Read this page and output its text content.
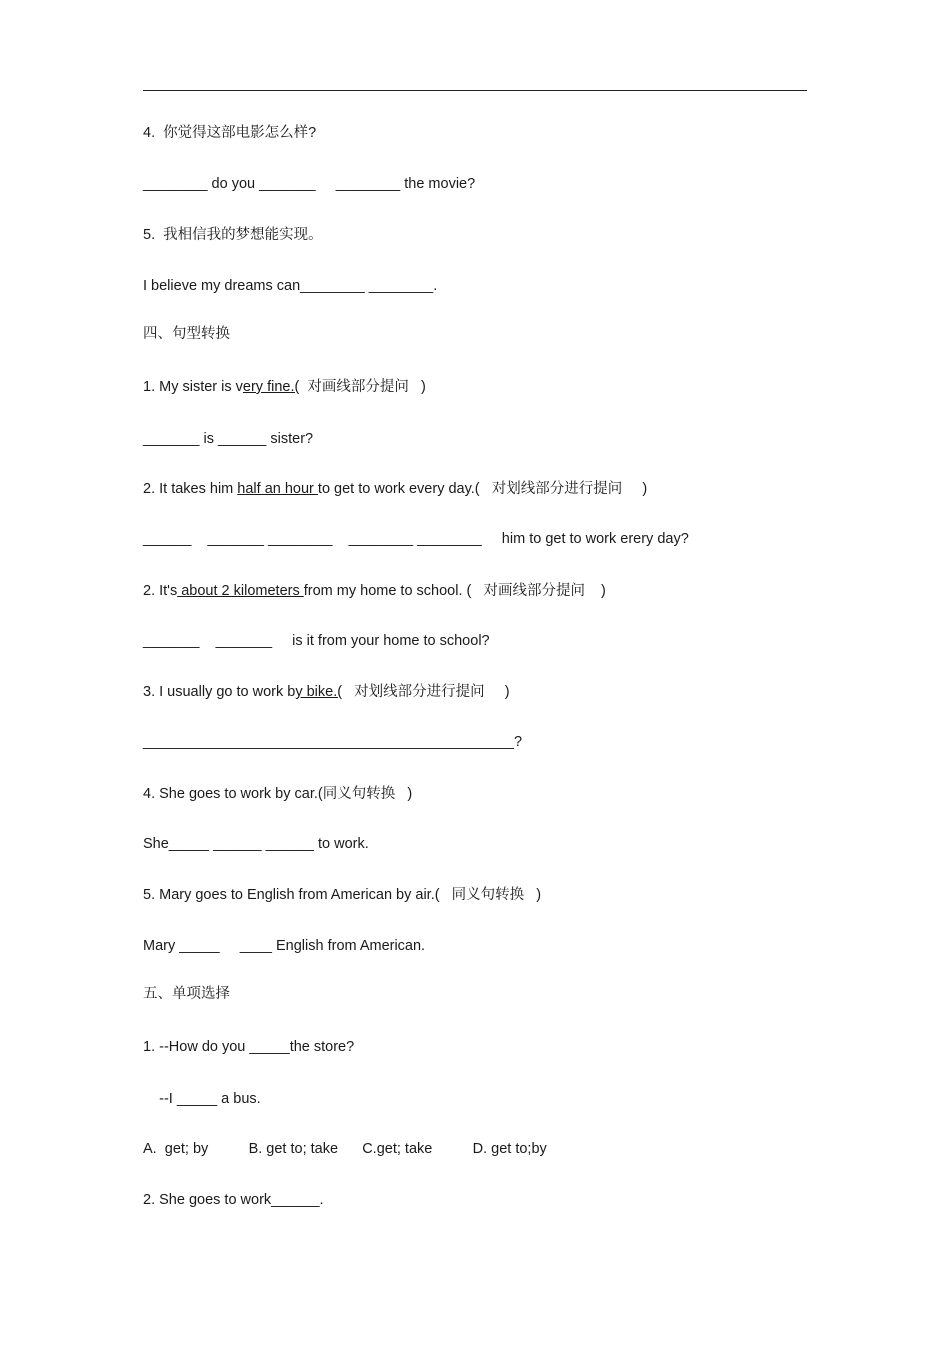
4.  你觉得这部电影怎么样?
________ do you _______     ________ the movie?
5.  我相信我的梦想能实现。
I believe my dreams can________ ________.
四、句型转换
1. My sister is very fine.(  对画线部分提问   )
_______ is ______ sister?
2. It takes him half an hour to get to work every day.(   对划线部分进行提问     )
______    _______ ________    ________ ________     him to get to work erery day?
2. It's about 2 kilometers from my home to school. (   对画线部分提问    )
_______    _______     is it from your home to school?
3. I usually go to work by bike.(   对划线部分进行提问     )
______________________________________________?
4. She goes to work by car.(同义句转换   )
She_____ ______ ______ to work.
5. Mary goes to English from American by air.(   同义句转换   )
Mary _____     ____ English from American.
五、单项选择
1. --How do you _____the store?
--I _____ a bus.
A.  get; by          B. get to; take      C.get; take          D. get to;by
2. She goes to work______.
